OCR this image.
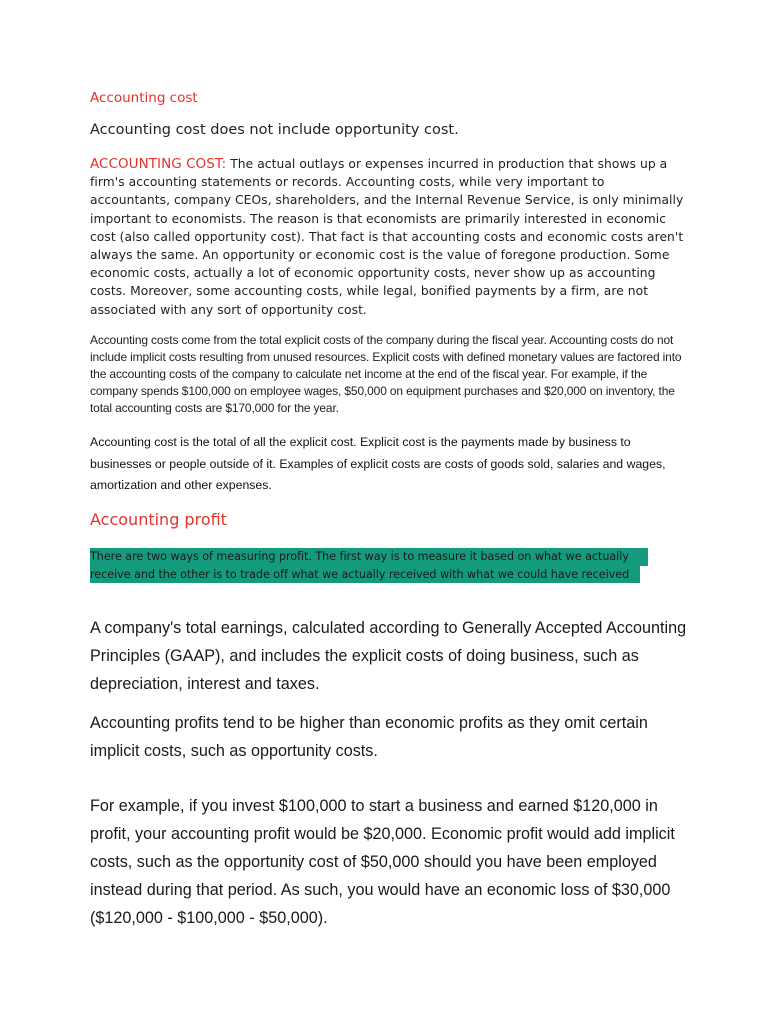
Accounting cost
Accounting cost does not include opportunity cost.
ACCOUNTING COST: The actual outlays or expenses incurred in production that shows up a firm's accounting statements or records. Accounting costs, while very important to accountants, company CEOs, shareholders, and the Internal Revenue Service, is only minimally important to economists. The reason is that economists are primarily interested in economic cost (also called opportunity cost). That fact is that accounting costs and economic costs aren't always the same. An opportunity or economic cost is the value of foregone production. Some economic costs, actually a lot of economic opportunity costs, never show up as accounting costs. Moreover, some accounting costs, while legal, bonified payments by a firm, are not associated with any sort of opportunity cost.
Accounting costs come from the total explicit costs of the company during the fiscal year. Accounting costs do not include implicit costs resulting from unused resources. Explicit costs with defined monetary values are factored into the accounting costs of the company to calculate net income at the end of the fiscal year. For example, if the company spends $100,000 on employee wages, $50,000 on equipment purchases and $20,000 on inventory, the total accounting costs are $170,000 for the year.
Accounting cost is the total of all the explicit cost. Explicit cost is the payments made by business to businesses or people outside of it. Examples of explicit costs are costs of goods sold, salaries and wages, amortization and other expenses.
Accounting profit
There are two ways of measuring profit. The first way is to measure it based on what we actually
receive and the other is to trade off what we actually received with what we could have received
A company's total earnings, calculated according to Generally Accepted Accounting Principles (GAAP), and includes the explicit costs of doing business, such as depreciation, interest and taxes.
Accounting profits tend to be higher than economic profits as they omit certain implicit costs, such as opportunity costs.
For example, if you invest $100,000 to start a business and earned $120,000 in profit, your accounting profit would be $20,000. Economic profit would add implicit costs, such as the opportunity cost of $50,000 should you have been employed instead during that period. As such, you would have an economic loss of $30,000 ($120,000 - $100,000 - $50,000).
